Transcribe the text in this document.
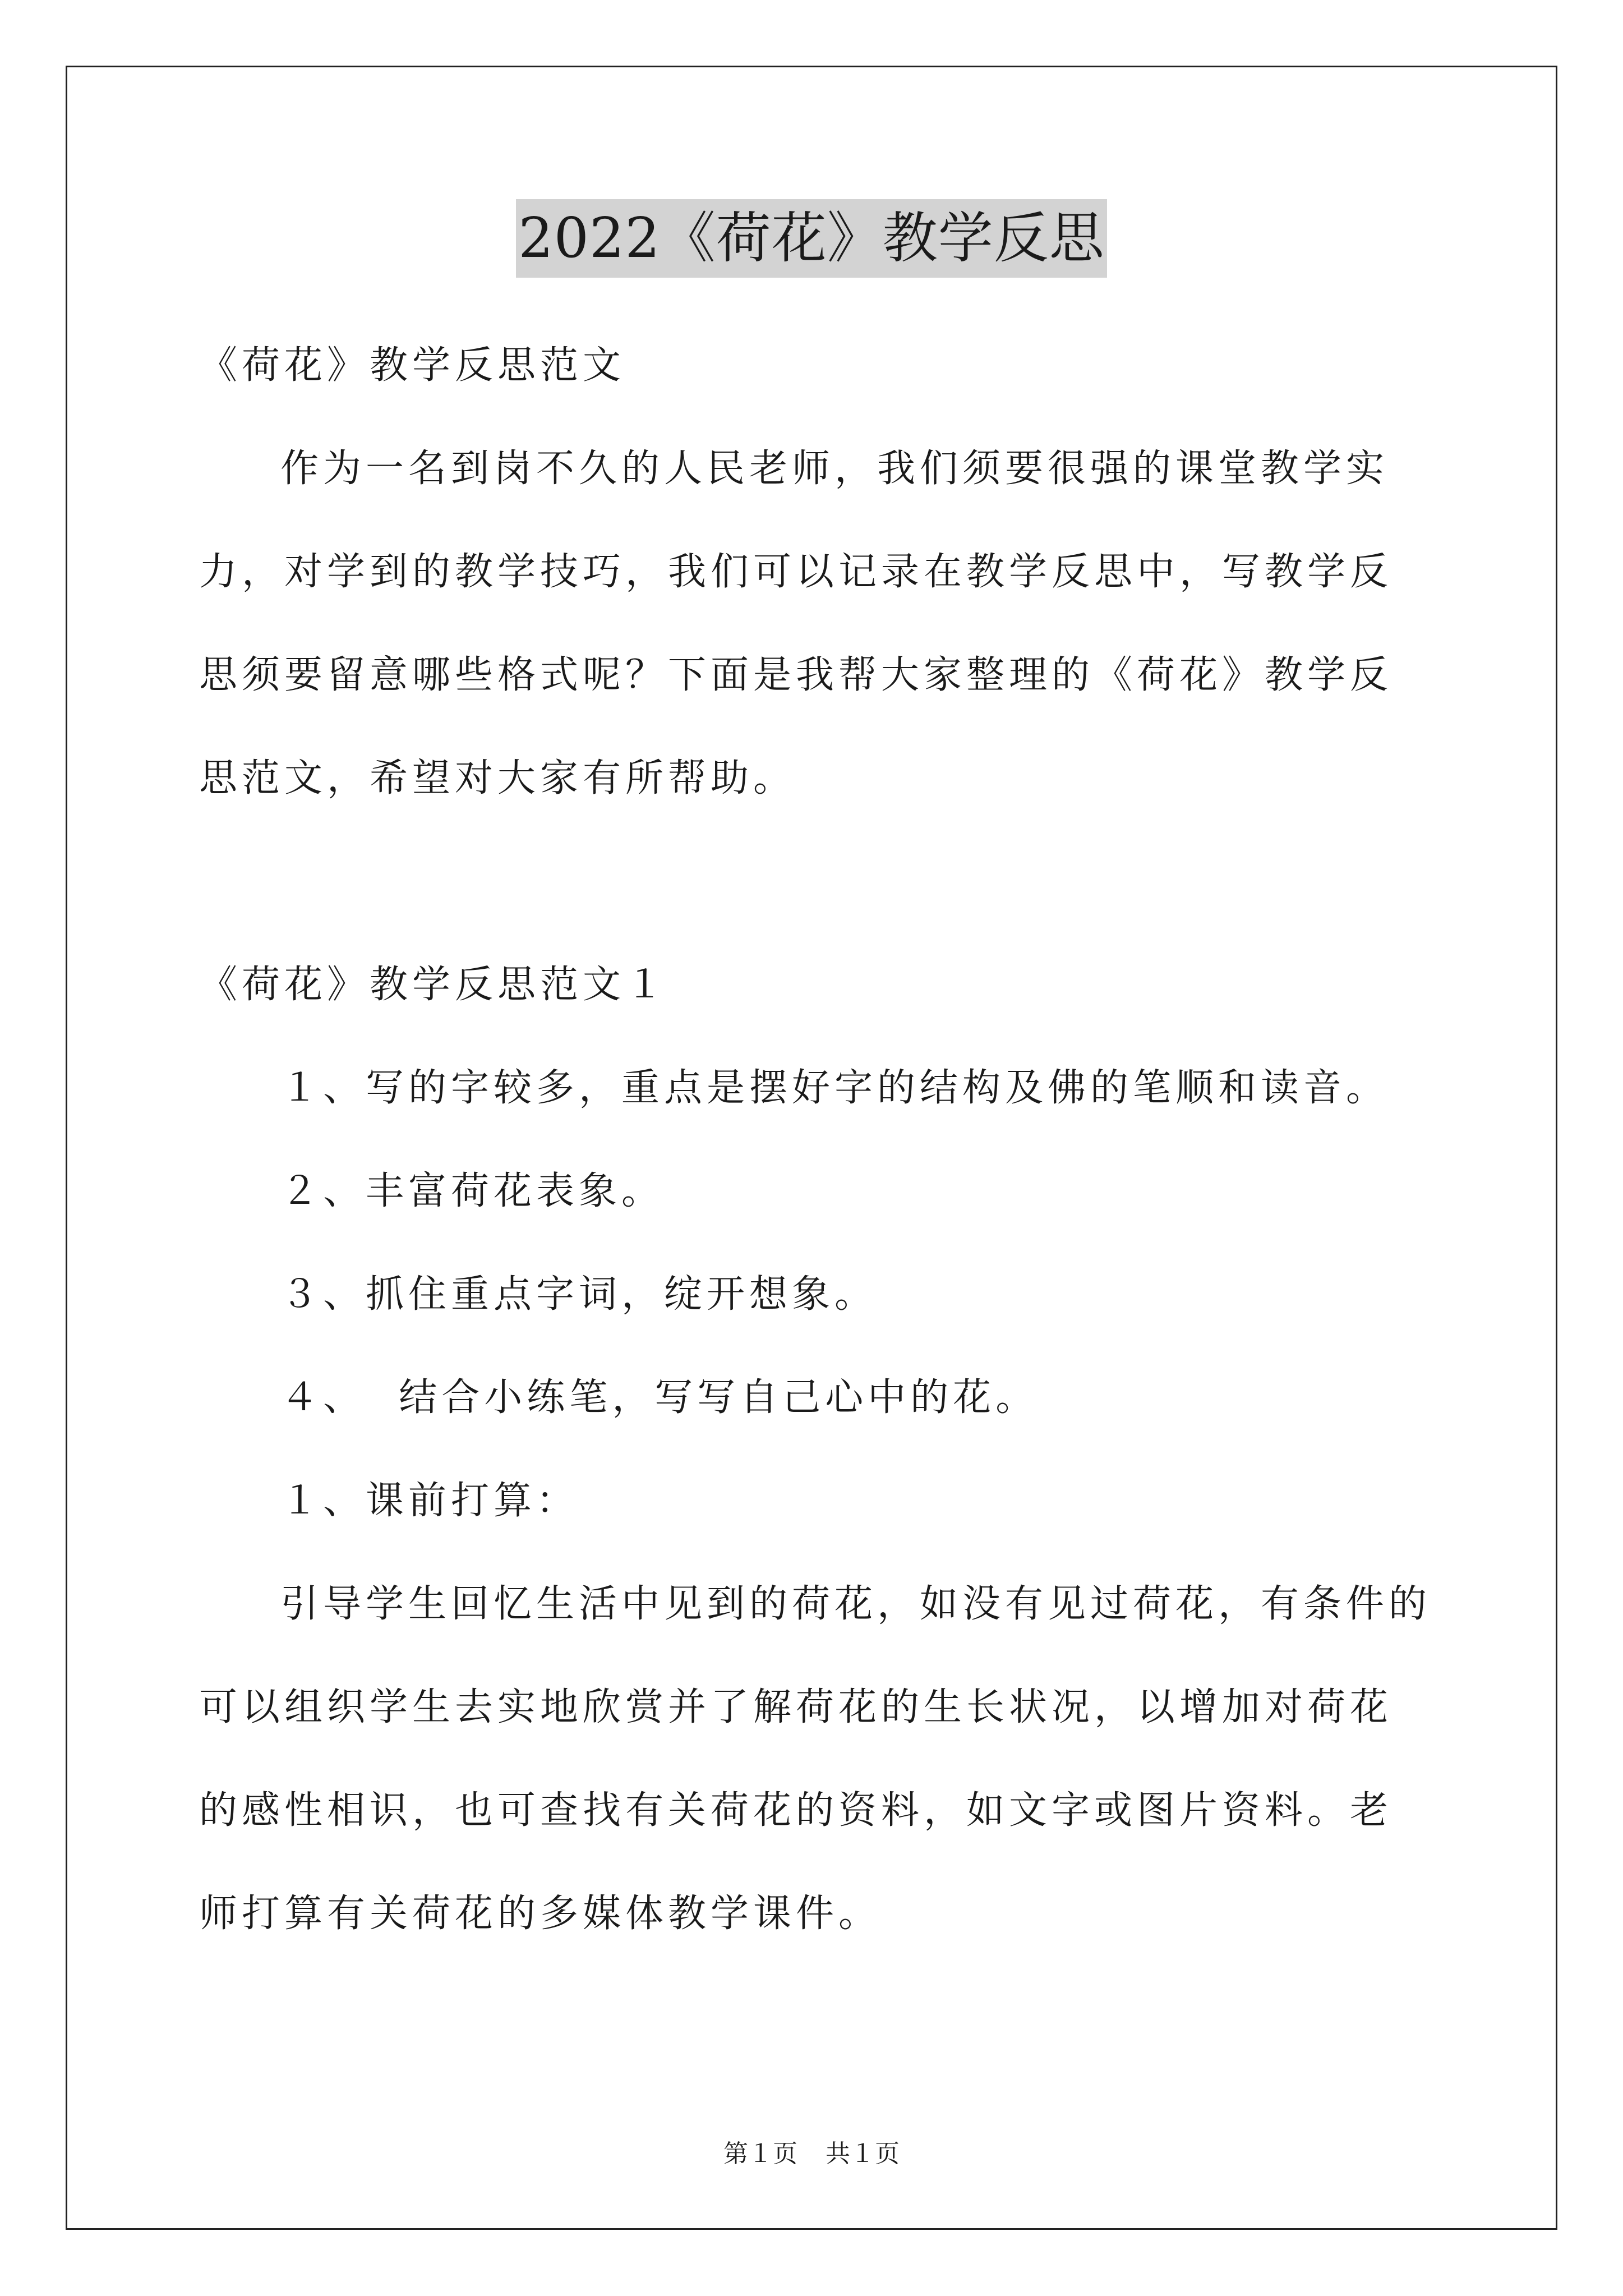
2022《荷花》教学反思

《荷花》教学反思范文

作为一名到岗不久的人民老师，我们须要很强的课堂教学实力，对学到的教学技巧，我们可以记录在教学反思中，写教学反思须要留意哪些格式呢？下面是我帮大家整理的《荷花》教学反思范文，希望对大家有所帮助。

《荷花》教学反思范文１

１、写的字较多，重点是摆好字的结构及佛的笔顺和读音。

２、丰富荷花表象。

３、抓住重点字词，绽开想象。

４、  结合小练笔，写写自己心中的花。

１、课前打算：

引导学生回忆生活中见到的荷花，如没有见过荷花，有条件的可以组织学生去实地欣赏并了解荷花的生长状况，以增加对荷花的感性相识，也可查找有关荷花的资料，如文字或图片资料。老师打算有关荷花的多媒体教学课件。

第１页 共１页
